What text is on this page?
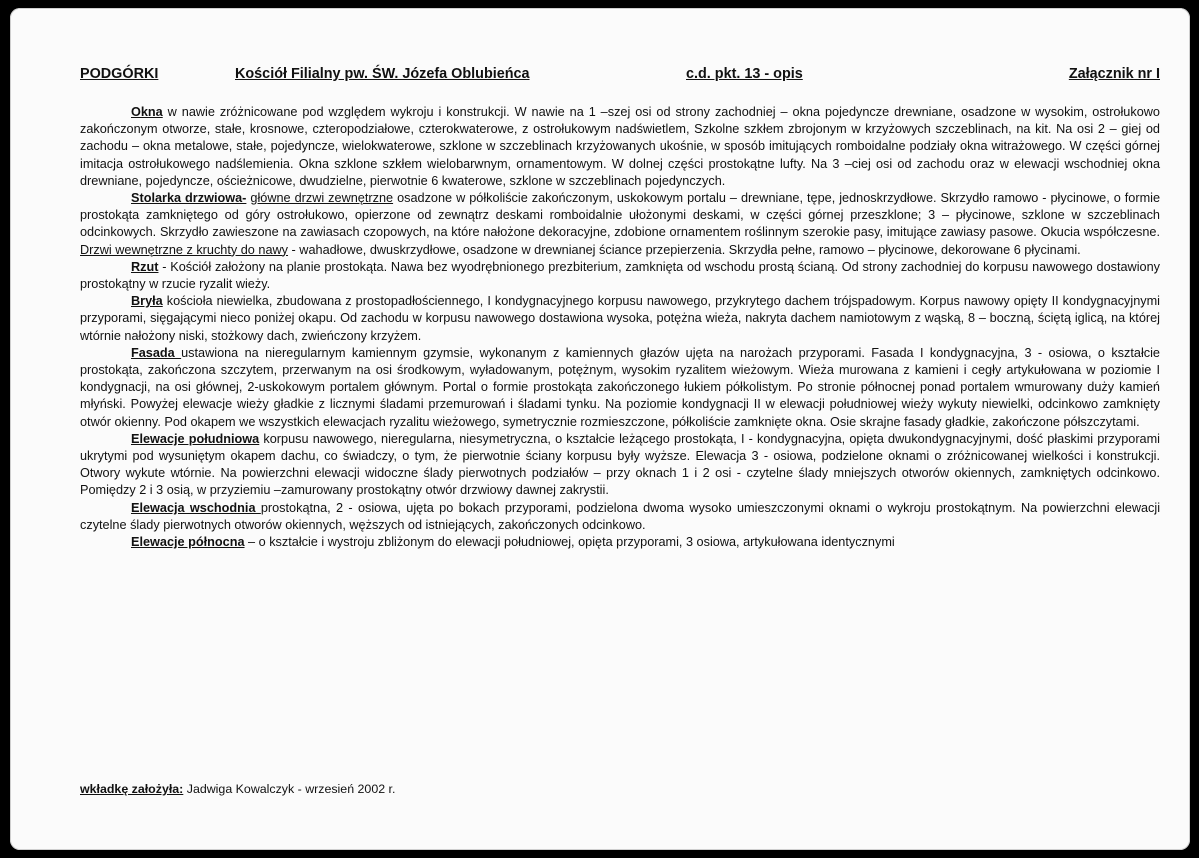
PODGÓRKI	Kościół Filialny pw. ŚW. Józefa Oblubieńca	c.d. pkt. 13 - opis	Załącznik nr I

Okna w nawie zróżnicowane pod względem wykroju i konstrukcji. W nawie na 1 –szej osi od strony zachodniej – okna pojedyncze drewniane, osadzone w wysokim, ostrołukowo zakończonym otworze, stałe, krosnowe, czteropodziałowe, czterokwaterowe, z ostrołukowym nadświetlem, Szkolne szkłem zbrojonym w krzyżowych szczeblinach, na kit. Na osi 2 – giej od zachodu – okna metalowe, stałe, pojedyncze, wielokwaterowe, szklone w szczeblinach krzyżowanych ukośnie, w sposób imitujących romboidalne podziały okna witrażowego. W części górnej imitacja ostrołukowego nadślemienia. Okna szklone szkłem wielobarwnym, ornamentowym. W dolnej części prostokątne lufty. Na 3 –ciej osi od zachodu oraz w elewacji wschodniej okna drewniane, pojedyncze, ościeżnicowe, dwudzielne, pierwotnie 6 kwaterowe, szklone w szczeblinach pojedynczych.

Stolarka drzwiowa- główne drzwi zewnętrzne osadzone w półkoliście zakończonym, uskokowym portalu – drewniane, tępe, jednoskrzydłowe. Skrzydło ramowo - płycinowe, o formie prostokąta zamkniętego od góry ostrołukowo, opierzone od zewnątrz deskami romboidalnie ułożonymi deskami, w części górnej przeszklone; 3 – płycinowe, szklone w szczeblinach odcinkowych. Skrzydło zawieszone na zawiasach czopowych, na które nałożone dekoracyjne, zdobione ornamentem roślinnym szerokie pasy, imitujące zawiasy pasowe. Okucia współczesne. Drzwi wewnętrzne z kruchty do nawy - wahadłowe, dwuskrzydłowe, osadzone w drewnianej ściance przepierzenia. Skrzydła pełne, ramowo – płycinowe, dekorowane 6 płycinami.

Rzut - Kościół założony na planie prostokąta. Nawa bez wyodrębnionego prezbiterium, zamknięta od wschodu prostą ścianą. Od strony zachodniej do korpusu nawowego dostawiony prostokątny w rzucie ryzalit wieży.

Bryła kościoła niewielka, zbudowana z prostopadłościennego, I kondygnacyjnego korpusu nawowego, przykrytego dachem trójspadowym. Korpus nawowy opięty II kondygnacyjnymi przyporami, sięgającymi nieco poniżej okapu. Od zachodu w korpusu nawowego dostawiona wysoka, potężna wieża, nakryta dachem namiotowym z wąską, 8 – boczną, ściętą iglicą, na której wtórnie nałożony niski, stożkowy dach, zwieńczony krzyżem.

Fasada ustawiona na nieregularnym kamiennym gzymsie, wykonanym z kamiennych głazów ujęta na narożach przyporami. Fasada I kondygnacyjna, 3 - osiowa, o kształcie prostokąta, zakończona szczytem, przerwanym na osi środkowym, wyładowanym, potężnym, wysokim ryzalitem wieżowym. Wieża murowana z kamieni i cegły artykułowana w poziomie I kondygnacji, na osi głównej, 2-uskokowym portalem głównym. Portal o formie prostokąta zakończonego łukiem półkolistym. Po stronie północnej ponad portalem wmurowany duży kamień młyński. Powyżej elewacje wieży gładkie z licznymi śladami przemurowań i śladami tynku. Na poziomie kondygnacji II w elewacji południowej wieży wykuty niewielki, odcinkowo zamknięty otwór okienny. Pod okapem we wszystkich elewacjach ryzalitu wieżowego, symetrycznie rozmieszczone, półkoliście zamknięte okna. Osie skrajne fasady gładkie, zakończone półszczytami.

Elewacje południowa korpusu nawowego, nieregularna, niesymetryczna, o kształcie leżącego prostokąta, I - kondygnacyjna, opięta dwukondygnacyjnymi, dość płaskimi przyporami ukrytymi pod wysuniętym okapem dachu, co świadczy, o tym, że pierwotnie ściany korpusu były wyższe. Elewacja 3 - osiowa, podzielone oknami o zróżnicowanej wielkości i konstrukcji. Otwory wykute wtórnie. Na powierzchni elewacji widoczne ślady pierwotnych podziałów – przy oknach 1 i 2 osi - czytelne ślady mniejszych otworów okiennych, zamkniętych odcinkowo. Pomiędzy 2 i 3 osią, w przyziemiu –zamurowany prostokątny otwór drzwiowy dawnej zakrystii.

Elewacja wschodnia prostokątna, 2 - osiowa, ujęta po bokach przyporami, podzielona dwoma wysoko umieszczonymi oknami o wykroju prostokątnym. Na powierzchni elewacji czytelne ślady pierwotnych otworów okiennych, węższych od istniejących, zakończonych odcinkowo.

Elewacje północna – o kształcie i wystroju zbliżonym do elewacji południowej, opięta przyporami, 3 osiowa, artykułowana identycznymi

wkładkę założyła: Jadwiga Kowalczyk - wrzesień 2002 r.
